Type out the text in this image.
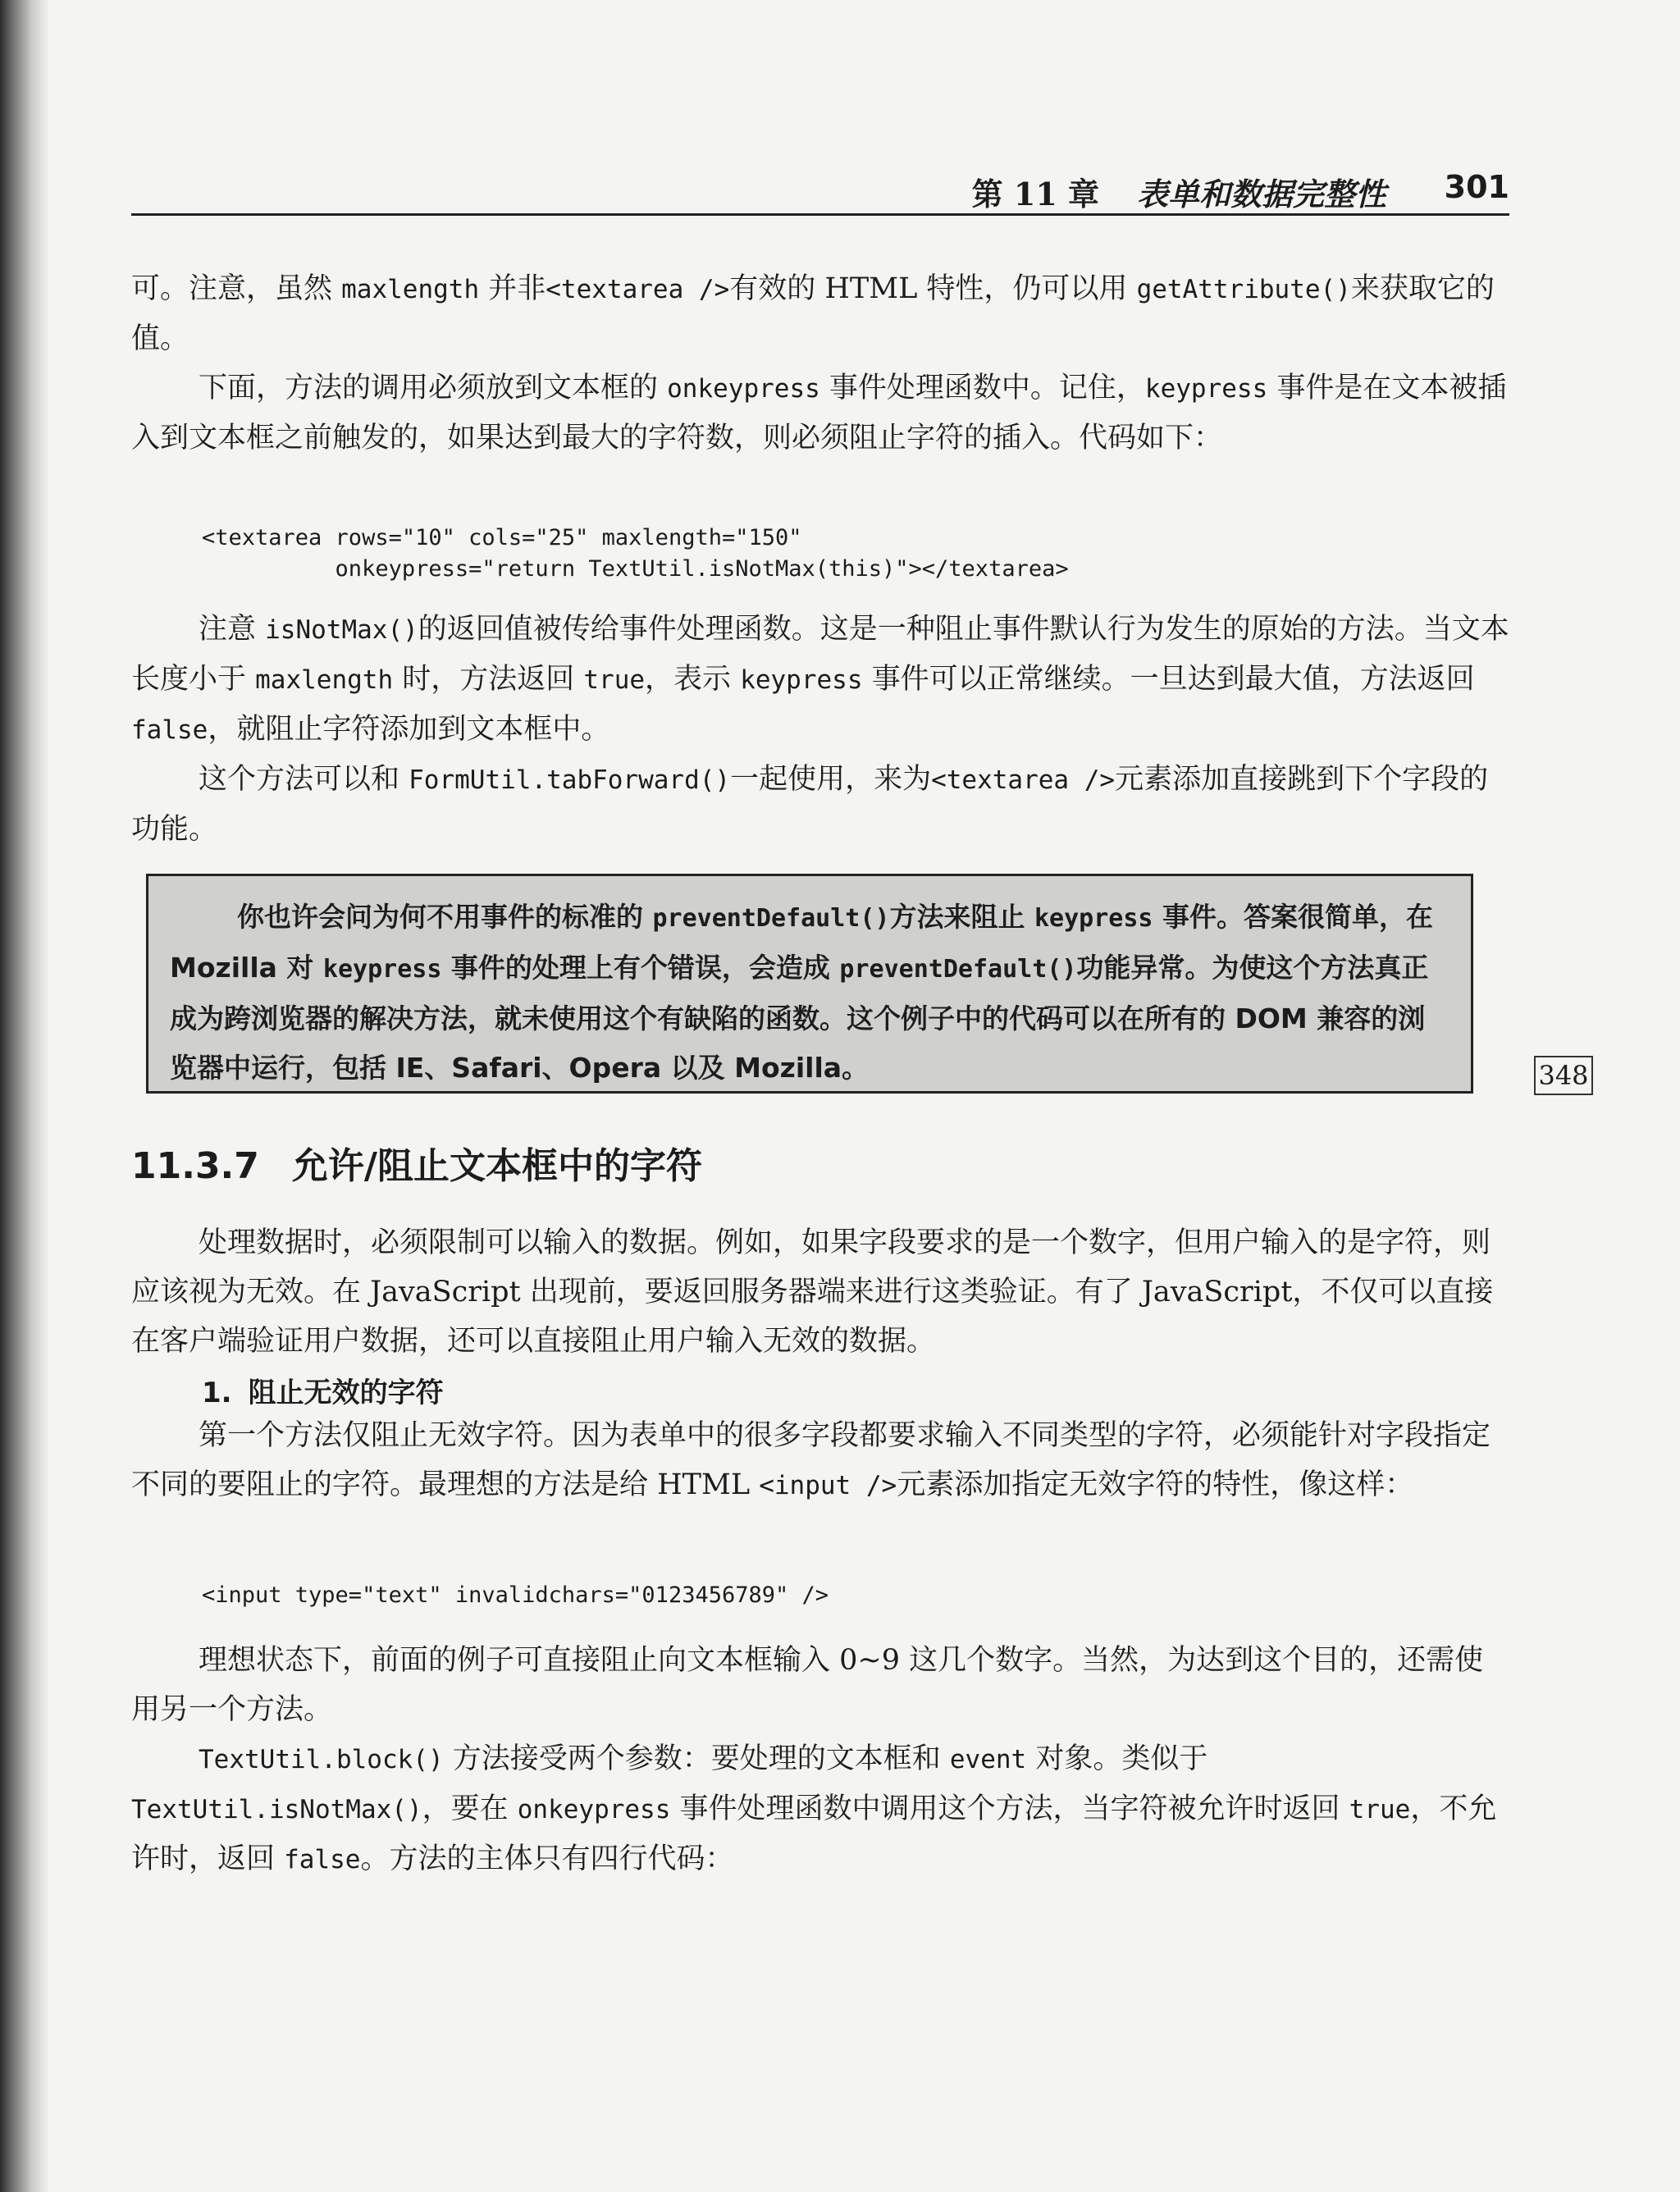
第 11 章 表单和数据完整性 301

可。注意，虽然 maxlength 并非<textarea />有效的 HTML 特性，仍可以用 getAttribute()来获取它的值。

下面，方法的调用必须放到文本框的 onkeypress 事件处理函数中。记住，keypress 事件是在文本被插入到文本框之前触发的，如果达到最大的字符数，则必须阻止字符的插入。代码如下：

<textarea rows="10" cols="25" maxlength="150"
onkeypress="return TextUtil.isNotMax(this)"></textarea>

注意 isNotMax()的返回值被传给事件处理函数。这是一种阻止事件默认行为发生的原始的方法。当文本长度小于 maxlength 时，方法返回 true，表示 keypress 事件可以正常继续。一旦达到最大值，方法返回 false，就阻止字符添加到文本框中。

这个方法可以和 FormUtil.tabForward()一起使用，来为<textarea />元素添加直接跳到下个字段的功能。

你也许会问为何不用事件的标准的 preventDefault()方法来阻止 keypress 事件。答案很简单，在 Mozilla 对 keypress 事件的处理上有个错误，会造成 preventDefault()功能异常。为使这个方法真正成为跨浏览器的解决方法，就未使用这个有缺陷的函数。这个例子中的代码可以在所有的 DOM 兼容的浏览器中运行，包括 IE、Safari、Opera 以及 Mozilla。

11.3.7 允许/阻止文本框中的字符

处理数据时，必须限制可以输入的数据。例如，如果字段要求的是一个数字，但用户输入的是字符，则应该视为无效。在 JavaScript 出现前，要返回服务器端来进行这类验证。有了 JavaScript，不仅可以直接在客户端验证用户数据，还可以直接阻止用户输入无效的数据。

1. 阻止无效的字符

第一个方法仅阻止无效字符。因为表单中的很多字段都要求输入不同类型的字符，必须能针对字段指定不同的要阻止的字符。最理想的方法是给 HTML <input />元素添加指定无效字符的特性，像这样：

<input type="text" invalidchars="0123456789" />

理想状态下，前面的例子可直接阻止向文本框输入 0~9 这几个数字。当然，为达到这个目的，还需使用另一个方法。

TextUtil.block() 方法接受两个参数：要处理的文本框和 event 对象。类似于 TextUtil.isNotMax()，要在 onkeypress 事件处理函数中调用这个方法，当字符被允许时返回 true，不允许时，返回 false。方法的主体只有四行代码：

348
